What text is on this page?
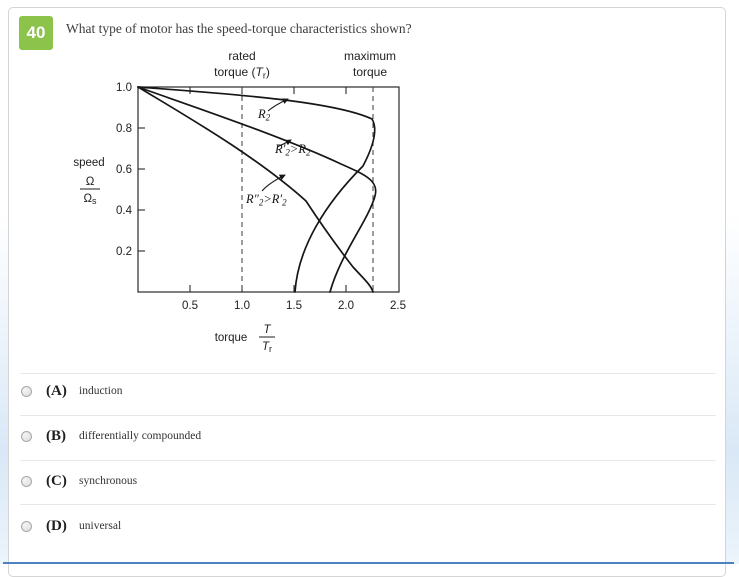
40 What type of motor has the speed-torque characteristics shown?
rated
torque $(T_r)$
maximum
torque
$R_2$
$R'_2>R_2$
$R''_2>R'_2$
1.0
0.8
0.6
0.4
0.2
speed
Ω
Ωs
0.5	1.0	1.5	2.0	2.5
torque
T
Tr
(A)	induction
(B)	differentially compounded
(C)	synchronous
(D)	universal
